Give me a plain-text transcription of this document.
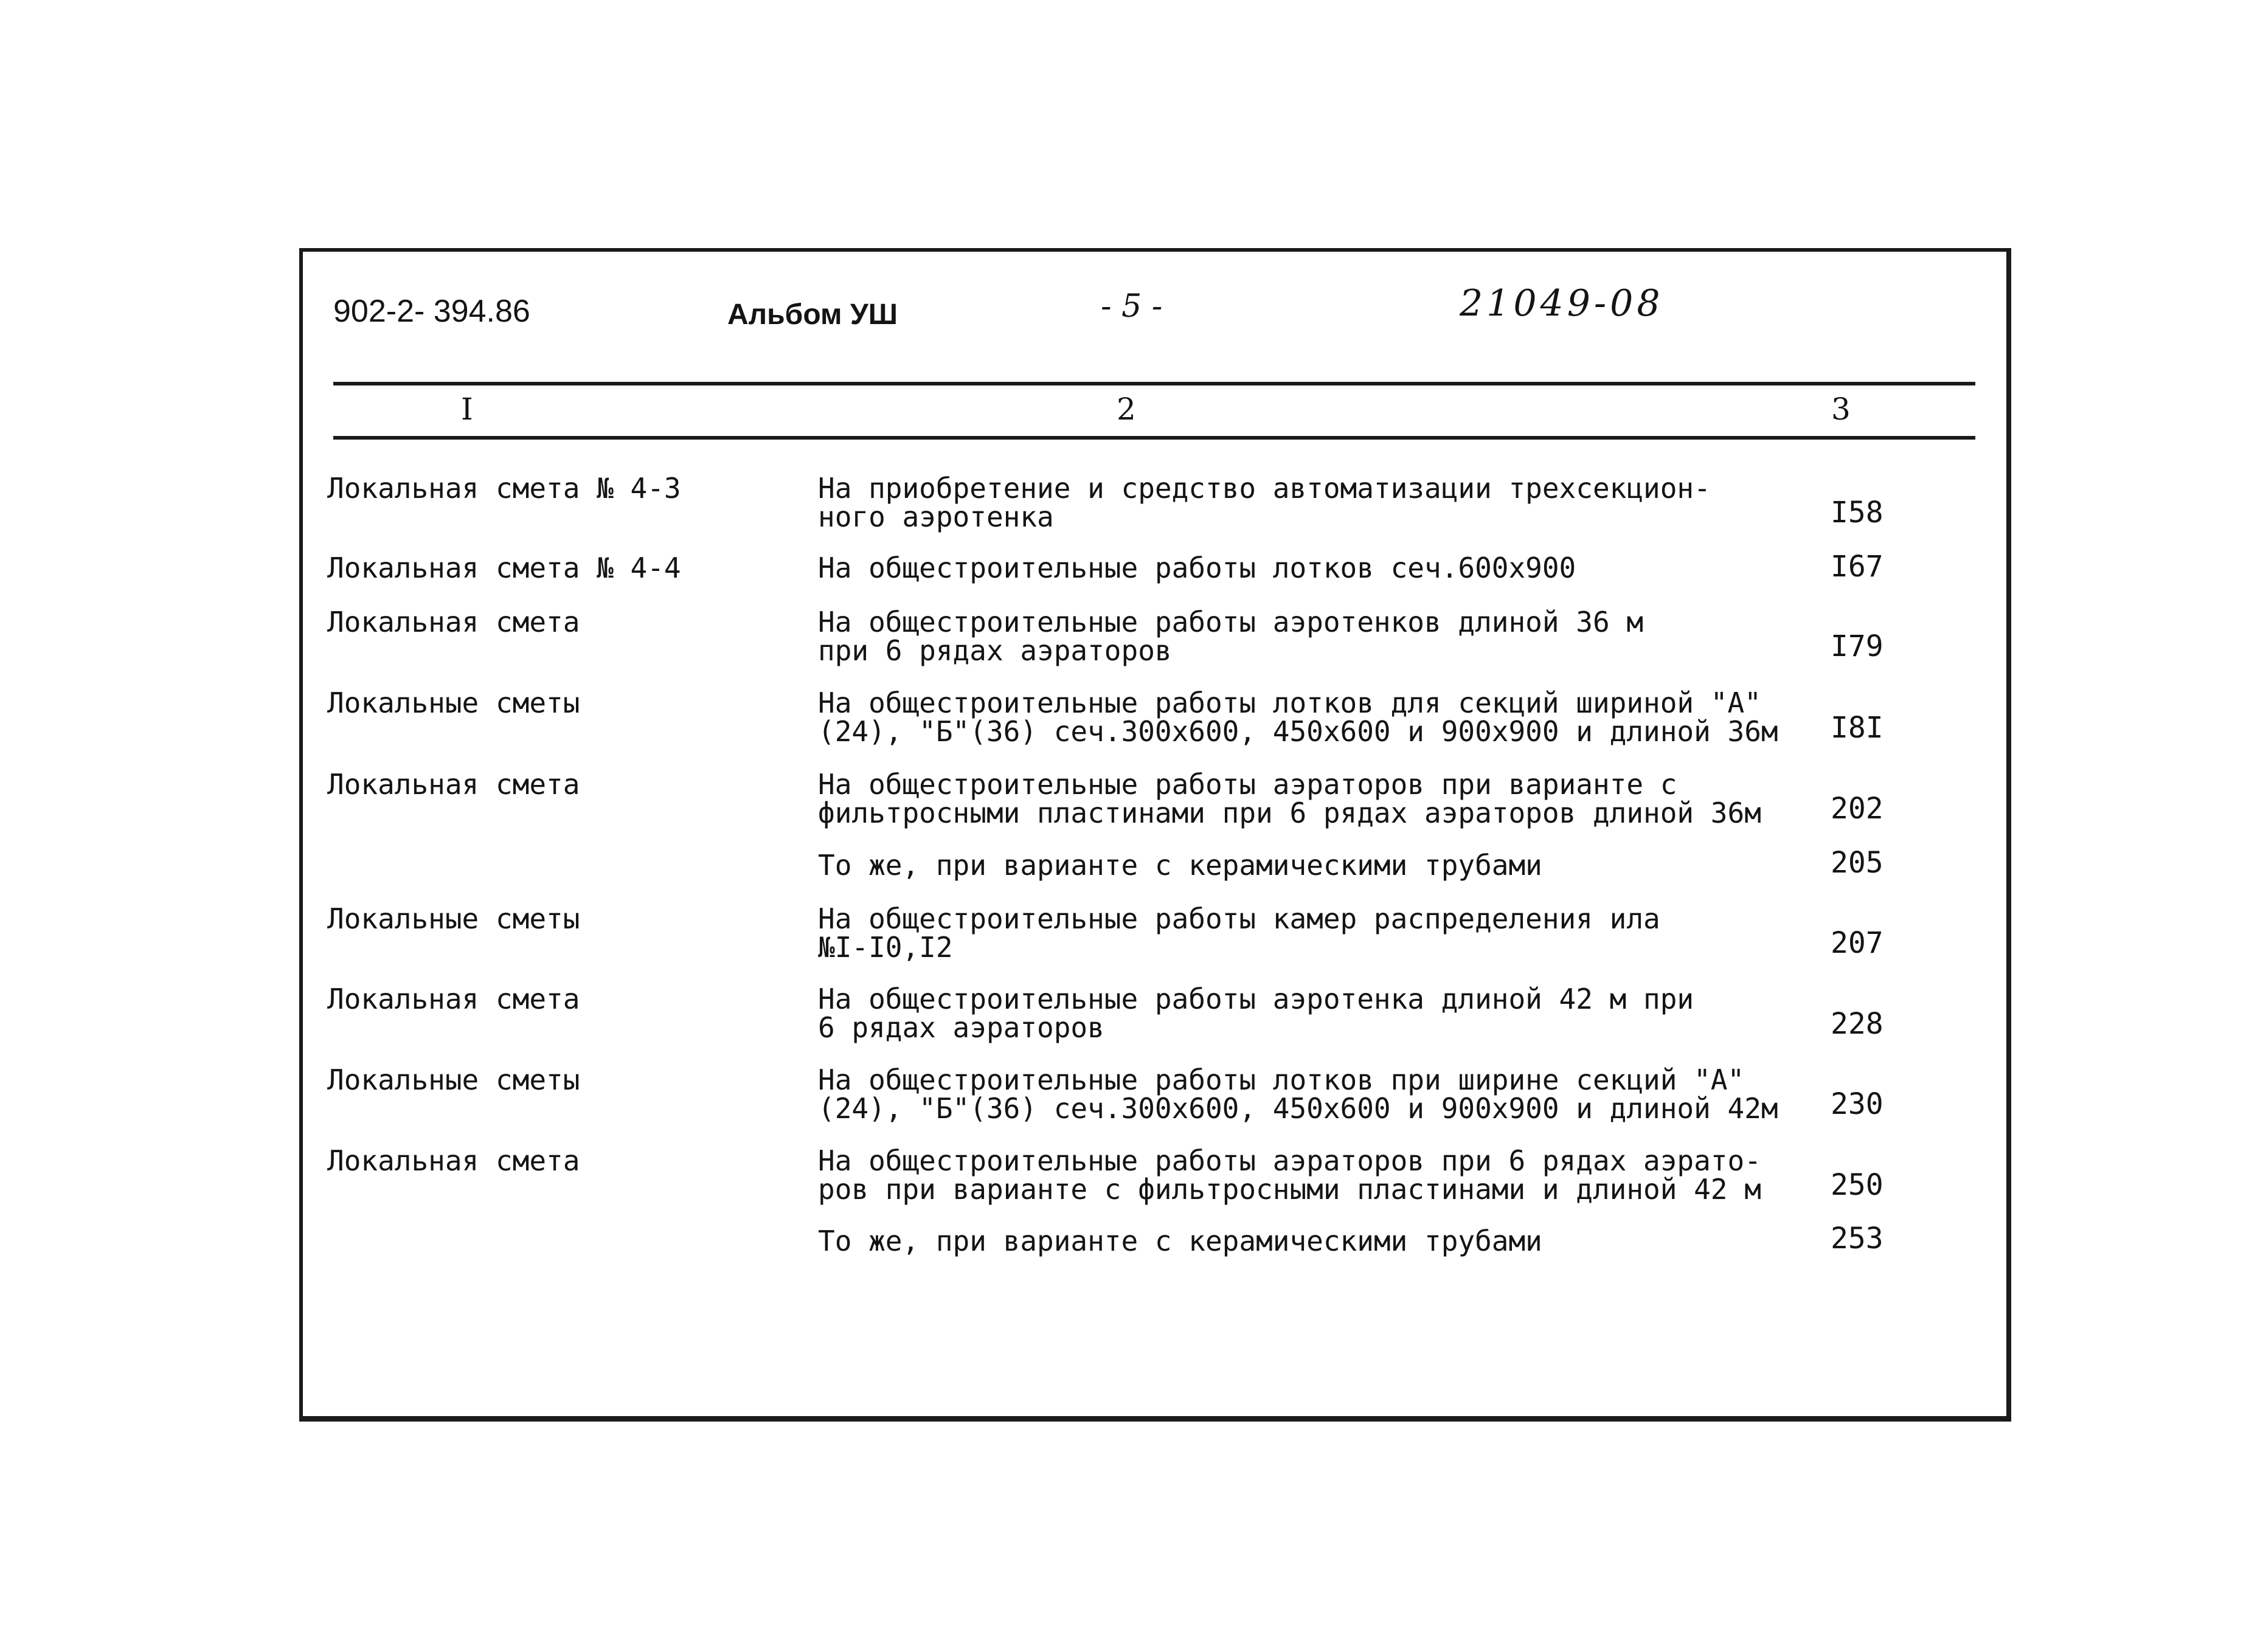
902-2- 394.86	Альбом УШ	- 5 -	21049-08
I	2	3
Локальная смета № 4-3	На приобретение и средство автоматизации трехсекцион-
ного аэротенка	I58
Локальная смета № 4-4	На общестроительные работы лотков сеч.600х900	I67
Локальная смета	На общестроительные работы аэротенков длиной 36 м
при 6 рядах аэраторов	I79
Локальные сметы	На общестроительные работы лотков для секций шириной "А"
(24), "Б"(36) сеч.300х600, 450х600 и 900х900 и длиной 36м I8I
Локальная смета	На общестроительные работы аэраторов при варианте с
фильтросными пластинами при 6 рядах аэраторов длиной 36м 202
То же, при варианте с керамическими трубами	205
Локальные сметы	На общестроительные работы камер распределения ила
№I-I0,I2	207
Локальная смета	На общестроительные работы аэротенка длиной 42 м при
6 рядах аэраторов	228
Локальные сметы	На общестроительные работы лотков при ширине секций "А"
(24), "Б"(36) сеч.300х600, 450х600 и 900х900 и длиной 42м 230
Локальная смета	На общестроительные работы аэраторов при 6 рядах аэрато-
ров при варианте с фильтросными пластинами и длиной 42 м 250
То же, при варианте с керамическими трубами	253
